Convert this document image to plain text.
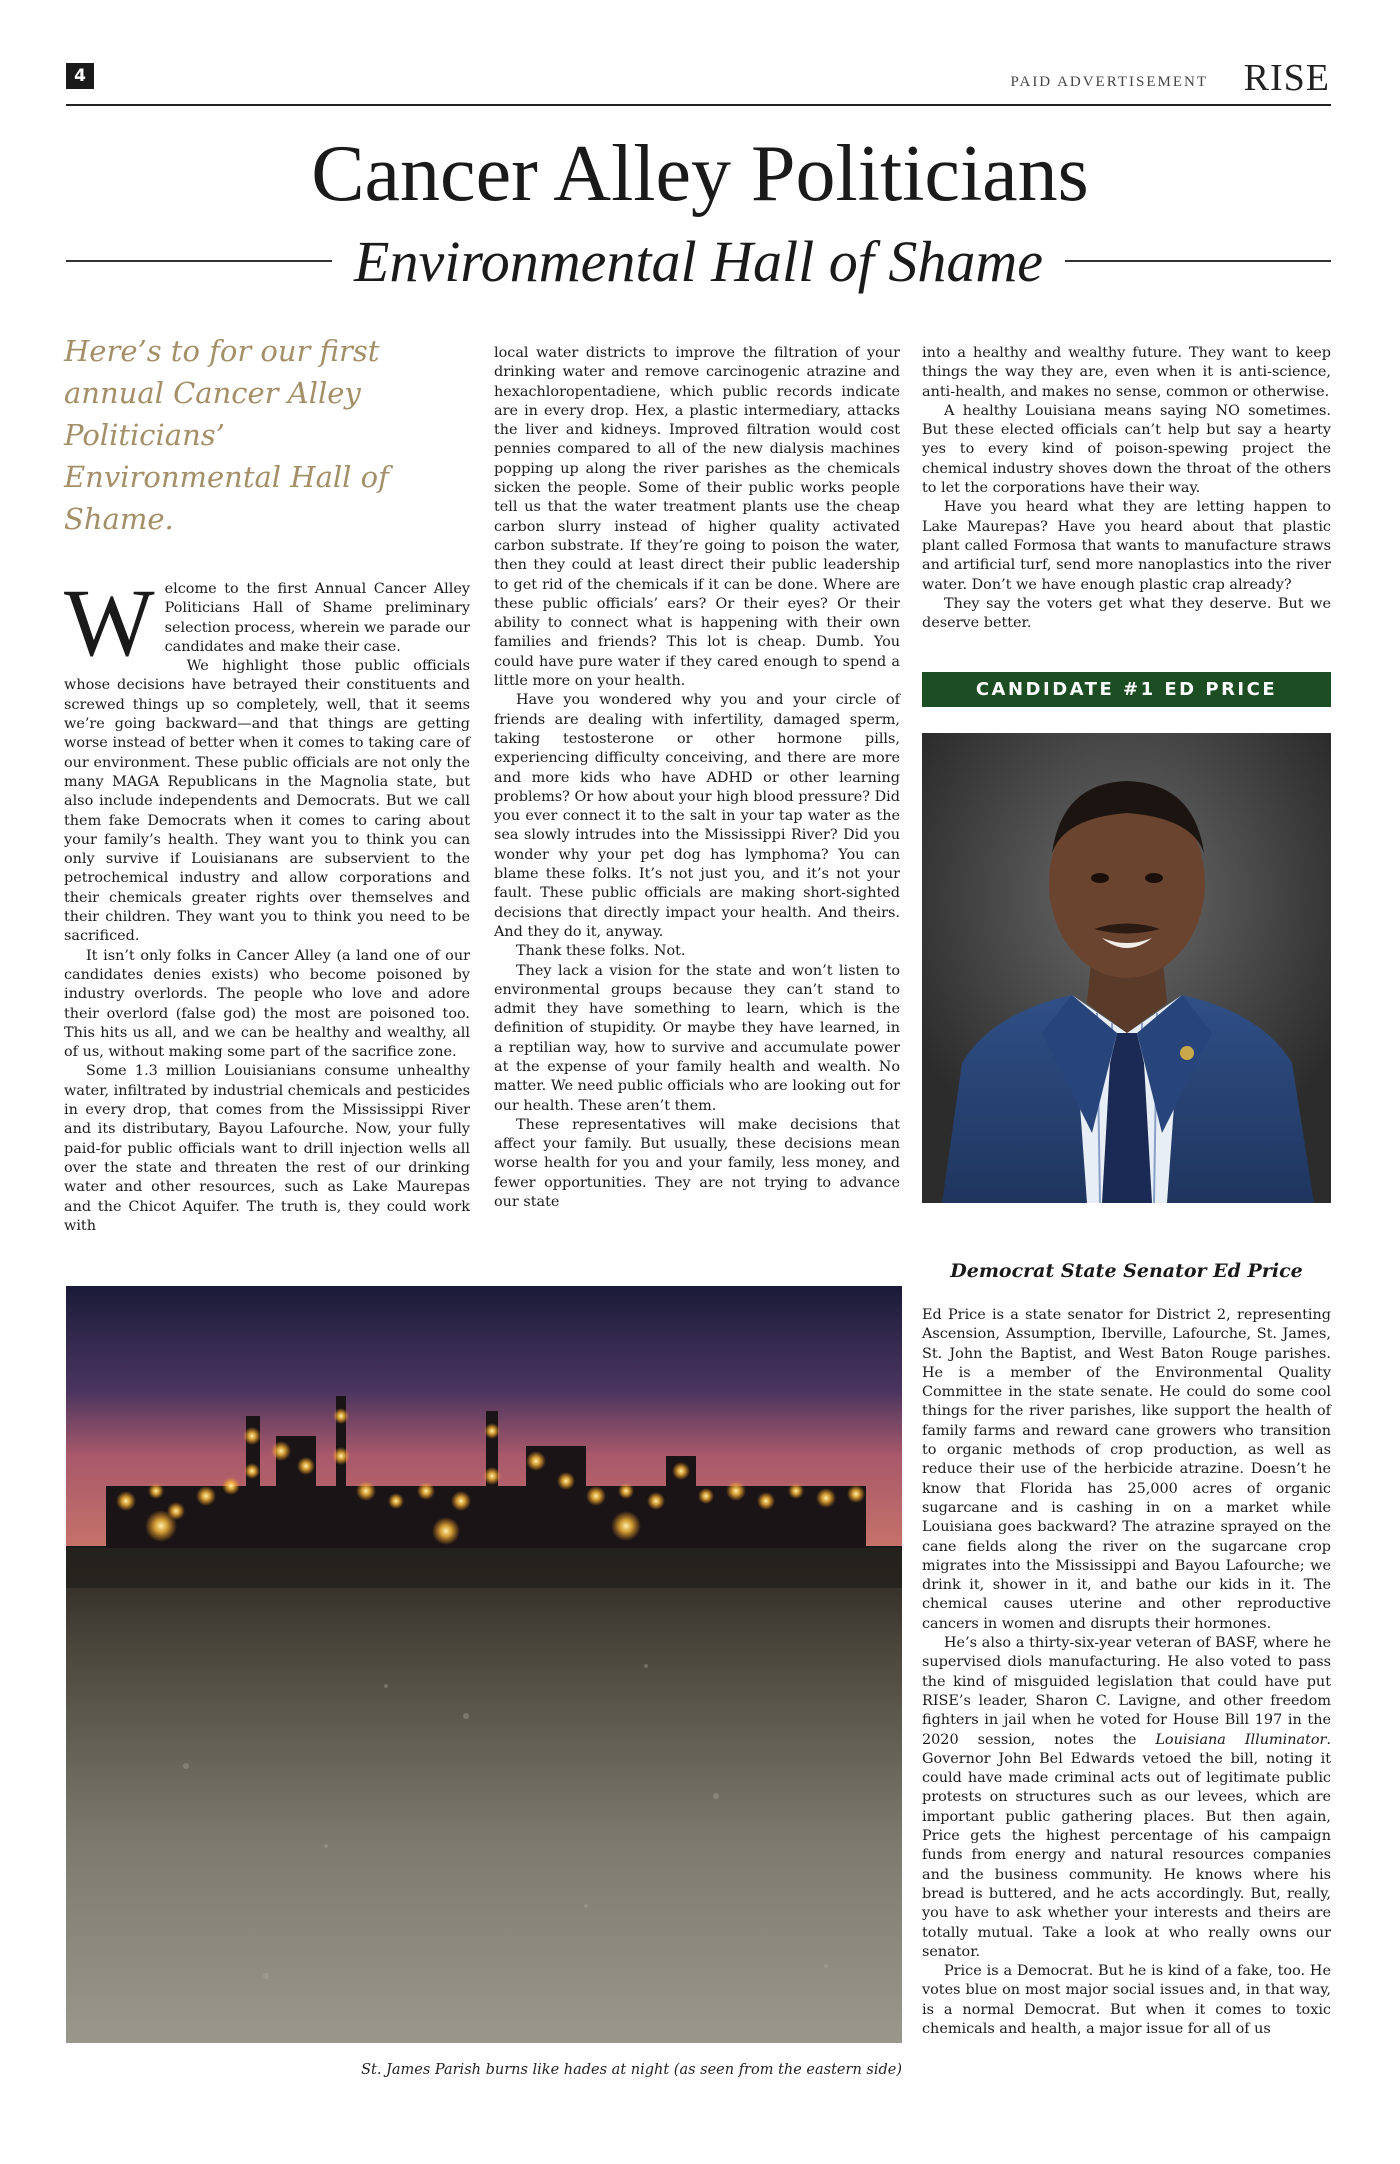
4	PAID ADVERTISEMENT RISE
Cancer Alley Politicians
Environmental Hall of Shame
Here’s to for our first annual Cancer Alley Politicians’ Environmental Hall of Shame.

Welcome to the first Annual Cancer Alley Politicians Hall of Shame preliminary selection process, wherein we parade our candidates and make their case.

We highlight those public officials whose decisions have betrayed their constituents and screwed things up so completely, well, that it seems we’re going backward—and that things are getting worse instead of better when it comes to taking care of our environment. These public officials are not only the many MAGA Republicans in the Magnolia state, but also include independents and Democrats. But we call them fake Democrats when it comes to caring about your family’s health. They want you to think you can only survive if Louisianans are subservient to the petrochemical industry and allow corporations and their chemicals greater rights over themselves and their children. They want you to think you need to be sacrificed.

It isn’t only folks in Cancer Alley (a land one of our candidates denies exists) who become poisoned by industry overlords. The people who love and adore their overlord (false god) the most are poisoned too. This hits us all, and we can be healthy and wealthy, all of us, without making some part of the sacrifice zone.

Some 1.3 million Louisianians consume unhealthy water, infiltrated by industrial chemicals and pesticides in every drop, that comes from the Mississippi River and its distributary, Bayou Lafourche. Now, your fully paid-for public officials want to drill injection wells all over the state and threaten the rest of our drinking water and other resources, such as Lake Maurepas and the Chicot Aquifer. The truth is, they could work with

local water districts to improve the filtration of your drinking water and remove carcinogenic atrazine and hexachloropentadiene, which public records indicate are in every drop. Hex, a plastic intermediary, attacks the liver and kidneys. Improved filtration would cost pennies compared to all of the new dialysis machines popping up along the river parishes as the chemicals sicken the people. Some of their public works people tell us that the water treatment plants use the cheap carbon slurry instead of higher quality activated carbon substrate. If they’re going to poison the water, then they could at least direct their public leadership to get rid of the chemicals if it can be done. Where are these public officials’ ears? Or their eyes? Or their ability to connect what is happening with their own families and friends? This lot is cheap. Dumb. You could have pure water if they cared enough to spend a little more on your health.

Have you wondered why you and your circle of friends are dealing with infertility, damaged sperm, taking testosterone or other hormone pills, experiencing difficulty conceiving, and there are more and more kids who have ADHD or other learning problems? Or how about your high blood pressure? Did you ever connect it to the salt in your tap water as the sea slowly intrudes into the Mississippi River? Did you wonder why your pet dog has lymphoma? You can blame these folks. It’s not just you, and it’s not your fault. These public officials are making short-sighted decisions that directly impact your health. And theirs. And they do it, anyway.

Thank these folks. Not.

They lack a vision for the state and won’t listen to environmental groups because they can’t stand to admit they have something to learn, which is the definition of stupidity. Or maybe they have learned, in a reptilian way, how to survive and accumulate power at the expense of your family health and wealth. No matter. We need public officials who are looking out for our health. These aren’t them.

These representatives will make decisions that affect your family. But usually, these decisions mean worse health for you and your family, less money, and fewer opportunities. They are not trying to advance our state

into a healthy and wealthy future. They want to keep things the way they are, even when it is anti-science, anti-health, and makes no sense, common or otherwise.

A healthy Louisiana means saying NO sometimes. But these elected officials can’t help but say a hearty yes to every kind of poison-spewing project the chemical industry shoves down the throat of the others to let the corporations have their way.

Have you heard what they are letting happen to Lake Maurepas? Have you heard about that plastic plant called Formosa that wants to manufacture straws and artificial turf, send more nanoplastics into the river water. Don’t we have enough plastic crap already?

They say the voters get what they deserve. But we deserve better.

CANDIDATE #1 ED PRICE
Democrat State Senator Ed Price

Ed Price is a state senator for District 2, representing Ascension, Assumption, Iberville, Lafourche, St. James, St. John the Baptist, and West Baton Rouge parishes. He is a member of the Environmental Quality Committee in the state senate. He could do some cool things for the river parishes, like support the health of family farms and reward cane growers who transition to organic methods of crop production, as well as reduce their use of the herbicide atrazine. Doesn’t he know that Florida has 25,000 acres of organic sugarcane and is cashing in on a market while Louisiana goes backward? The atrazine sprayed on the cane fields along the river on the sugarcane crop migrates into the Mississippi and Bayou Lafourche; we drink it, shower in it, and bathe our kids in it. The chemical causes uterine and other reproductive cancers in women and disrupts their hormones.

He’s also a thirty-six-year veteran of BASF, where he supervised diols manufacturing. He also voted to pass the kind of misguided legislation that could have put RISE’s leader, Sharon C. Lavigne, and other freedom fighters in jail when he voted for House Bill 197 in the 2020 session, notes the Louisiana Illuminator. Governor John Bel Edwards vetoed the bill, noting it could have made criminal acts out of legitimate public protests on structures such as our levees, which are important public gathering places. But then again, Price gets the highest percentage of his campaign funds from energy and natural resources companies and the business community. He knows where his bread is buttered, and he acts accordingly. But, really, you have to ask whether your interests and theirs are totally mutual. Take a look at who really owns our senator.

Price is a Democrat. But he is kind of a fake, too. He votes blue on most major social issues and, in that way, is a normal Democrat. But when it comes to toxic chemicals and health, a major issue for all of us

St. James Parish burns like hades at night (as seen from the eastern side)
